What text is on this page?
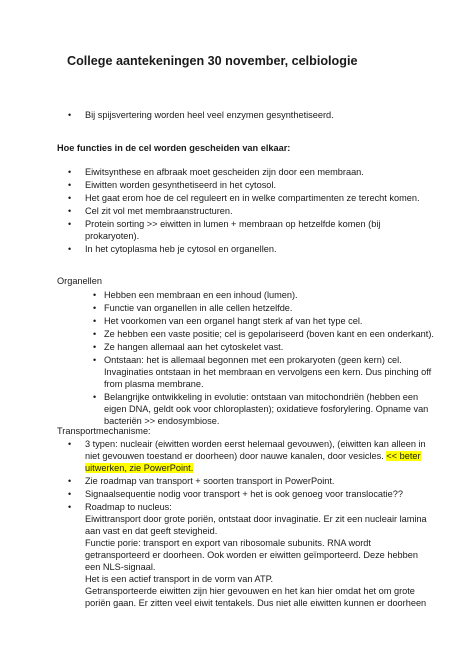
College aantekeningen 30 november, celbiologie
• Bij spijsvertering worden heel veel enzymen gesynthetiseerd.
Hoe functies in de cel worden gescheiden van elkaar:
• Eiwitsynthese en afbraak moet gescheiden zijn door een membraan.
• Eiwitten worden gesynthetiseerd in het cytosol.
• Het gaat erom hoe de cel reguleert en in welke compartimenten ze terecht komen.
• Cel zit vol met membraanstructuren.
• Protein sorting >> eiwitten in lumen + membraan op hetzelfde komen (bij
prokaryoten).
• In het cytoplasma heb je cytosol en organellen.
Organellen
• Hebben een membraan en een inhoud (lumen).
• Functie van organellen in alle cellen hetzelfde.
• Het voorkomen van een organel hangt sterk af van het type cel.
• Ze hebben een vaste positie; cel is gepolariseerd (boven kant en een onderkant).
• Ze hangen allemaal aan het cytoskelet vast.
• Ontstaan: het is allemaal begonnen met een prokaryoten (geen kern) cel.
Invaginaties ontstaan in het membraan en vervolgens een kern. Dus pinching off
from plasma membrane.
• Belangrijke ontwikkeling in evolutie: ontstaan van mitochondriën (hebben een
eigen DNA, geldt ook voor chloroplasten); oxidatieve fosforylering. Opname van
bacteriën >> endosymbiose.
Transportmechanisme:
• 3 typen: nucleair (eiwitten worden eerst helemaal gevouwen), (eiwitten kan alleen in
niet gevouwen toestand er doorheen) door nauwe kanalen, door vesicles. << beter
uitwerken, zie PowerPoint.
• Zie roadmap van transport + soorten transport in PowerPoint.
• Signaalsequentie nodig voor transport + het is ook genoeg voor translocatie??
• Roadmap to nucleus:
Eiwittransport door grote poriën, ontstaat door invaginatie. Er zit een nucleair lamina
aan vast en dat geeft stevigheid.
Functie porie: transport en export van ribosomale subunits. RNA wordt
getransporteerd er doorheen. Ook worden er eiwitten geïmporteerd. Deze hebben
een NLS-signaal.
Het is een actief transport in de vorm van ATP.
Getransporteerde eiwitten zijn hier gevouwen en het kan hier omdat het om grote
poriën gaan. Er zitten veel eiwit tentakels. Dus niet alle eiwitten kunnen er doorheen
